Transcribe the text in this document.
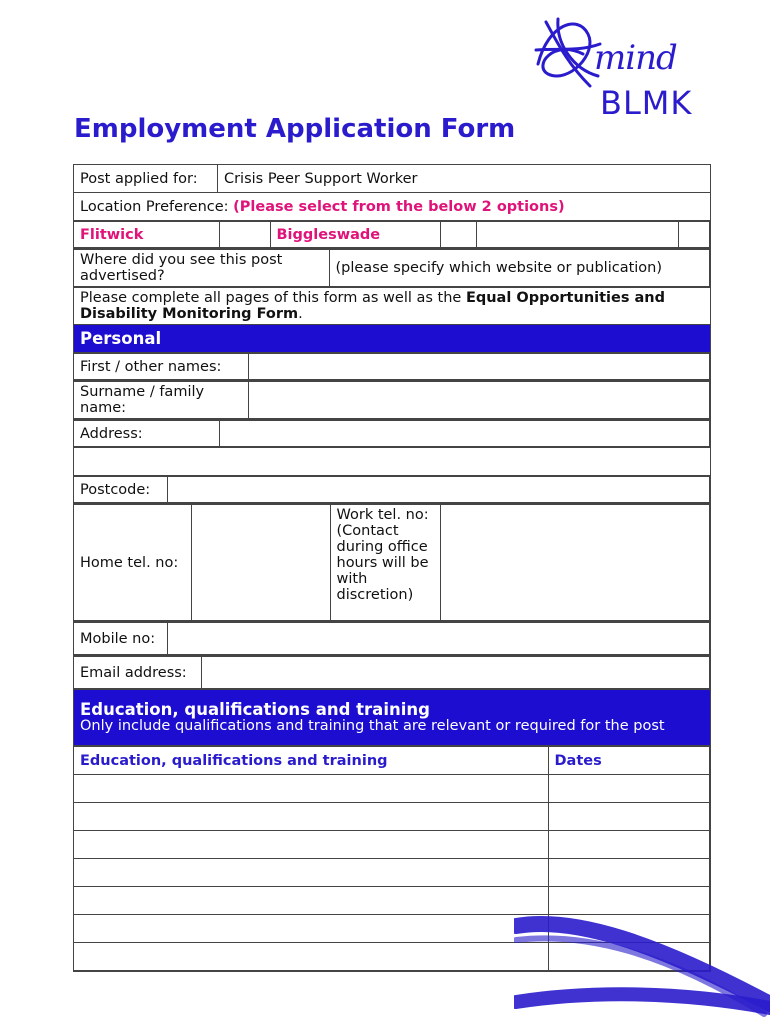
mind
BLMK
Employment Application Form
Post applied for:	Crisis Peer Support Worker
Location Preference: (Please select from the below 2 options)

Flitwick		Biggleswade			

Where did you see this post advertised?	(please specify which website or publication)

Please complete all pages of this form as well as the Equal Opportunities and Disability Monitoring Form.

Personal

First / other names:	

Surname / family name:	

Address:	

Postcode:	

Home tel. no:		Work tel. no: (Contact during office hours will be with discretion)	

Mobile no:	

Email address:	

Education, qualifications and training
Only include qualifications and training that are relevant or required for the post

Education, qualifications and training	Dates
